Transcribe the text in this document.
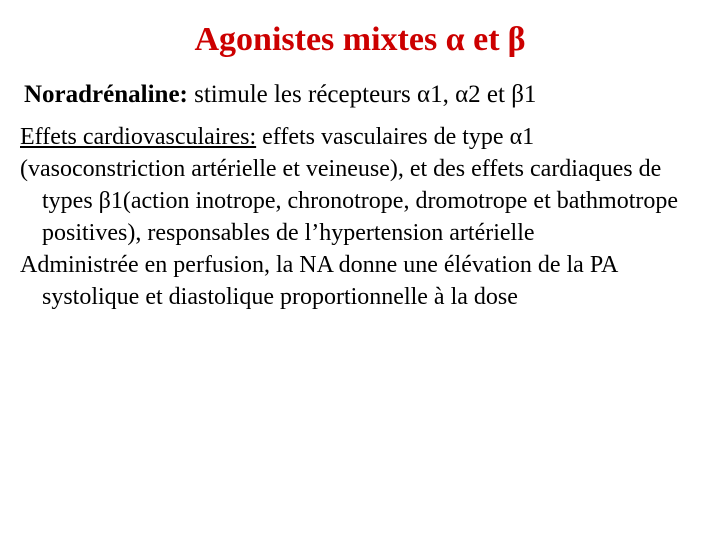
Agonistes mixtes α et β
Noradrénaline: stimule les récepteurs α1, α2 et β1

Effets cardiovasculaires: effets vasculaires de type α1

(vasoconstriction artérielle et veineuse), et des effets cardiaques de types β1(action inotrope, chronotrope, dromotrope et bathmotrope positives), responsables de l’hypertension artérielle

Administrée en perfusion, la NA donne une élévation de la PA systolique et diastolique proportionnelle à la dose
